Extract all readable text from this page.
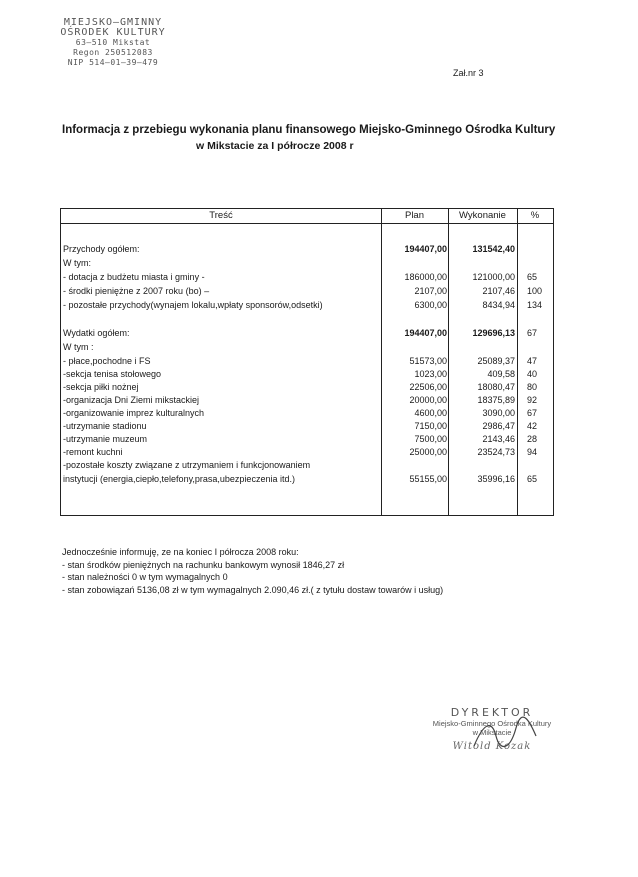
MIEJSKO–GMINNY
OŚRODEK KULTURY
63–510 Mikstat
Regon 250512083
NIP 514–01–39–479
Zał.nr 3
Informacja z przebiegu wykonania planu finansowego Miejsko-Gminnego Ośrodka Kultury
w Mikstacie za I półrocze 2008 r
Treść	Plan	Wykonanie	%
Przychody ogółem:	194407,00	131542,40
W tym:
- dotacja z budżetu miasta i gminy -	186000,00	121000,00 65
- środki pieniężne z 2007 roku (bo) –	2107,00	2107,46 100
- pozostałe przychody(wynajem lokalu,wpłaty sponsorów,odsetki)	6300,00	8434,94 134
Wydatki ogółem:	194407,00	129696,13 67
W tym :
- płace,pochodne i FS	51573,00	25089,37 47
-sekcja tenisa stołowego	1023,00	409,58 40
-sekcja piłki nożnej	22506,00	18080,47 80
-organizacja Dni Ziemi mikstackiej	20000,00	18375,89 92
-organizowanie imprez kulturalnych	4600,00	3090,00 67
-utrzymanie stadionu	7150,00	2986,47 42
-utrzymanie muzeum	7500,00	2143,46 28
-remont kuchni	25000,00	23524,73 94
-pozostałe koszty związane z utrzymaniem i funkcjonowaniem
instytucji (energia,ciepło,telefony,prasa,ubezpieczenia itd.)	55155,00	35996,16 65
Jednocześnie informuję, ze na koniec I półrocza 2008 roku:
- stan środków pieniężnych na rachunku bankowym wynosił 1846,27 zł
- stan należności 0 w tym wymagalnych 0
- stan zobowiązań 5136,08 zł w tym wymagalnych 2.090,46 zł.( z tytułu dostaw towarów i usług)
DYREKTOR
Miejsko-Gminnego Ośrodka Kultury
w Mikstacie
Witold Kozak
